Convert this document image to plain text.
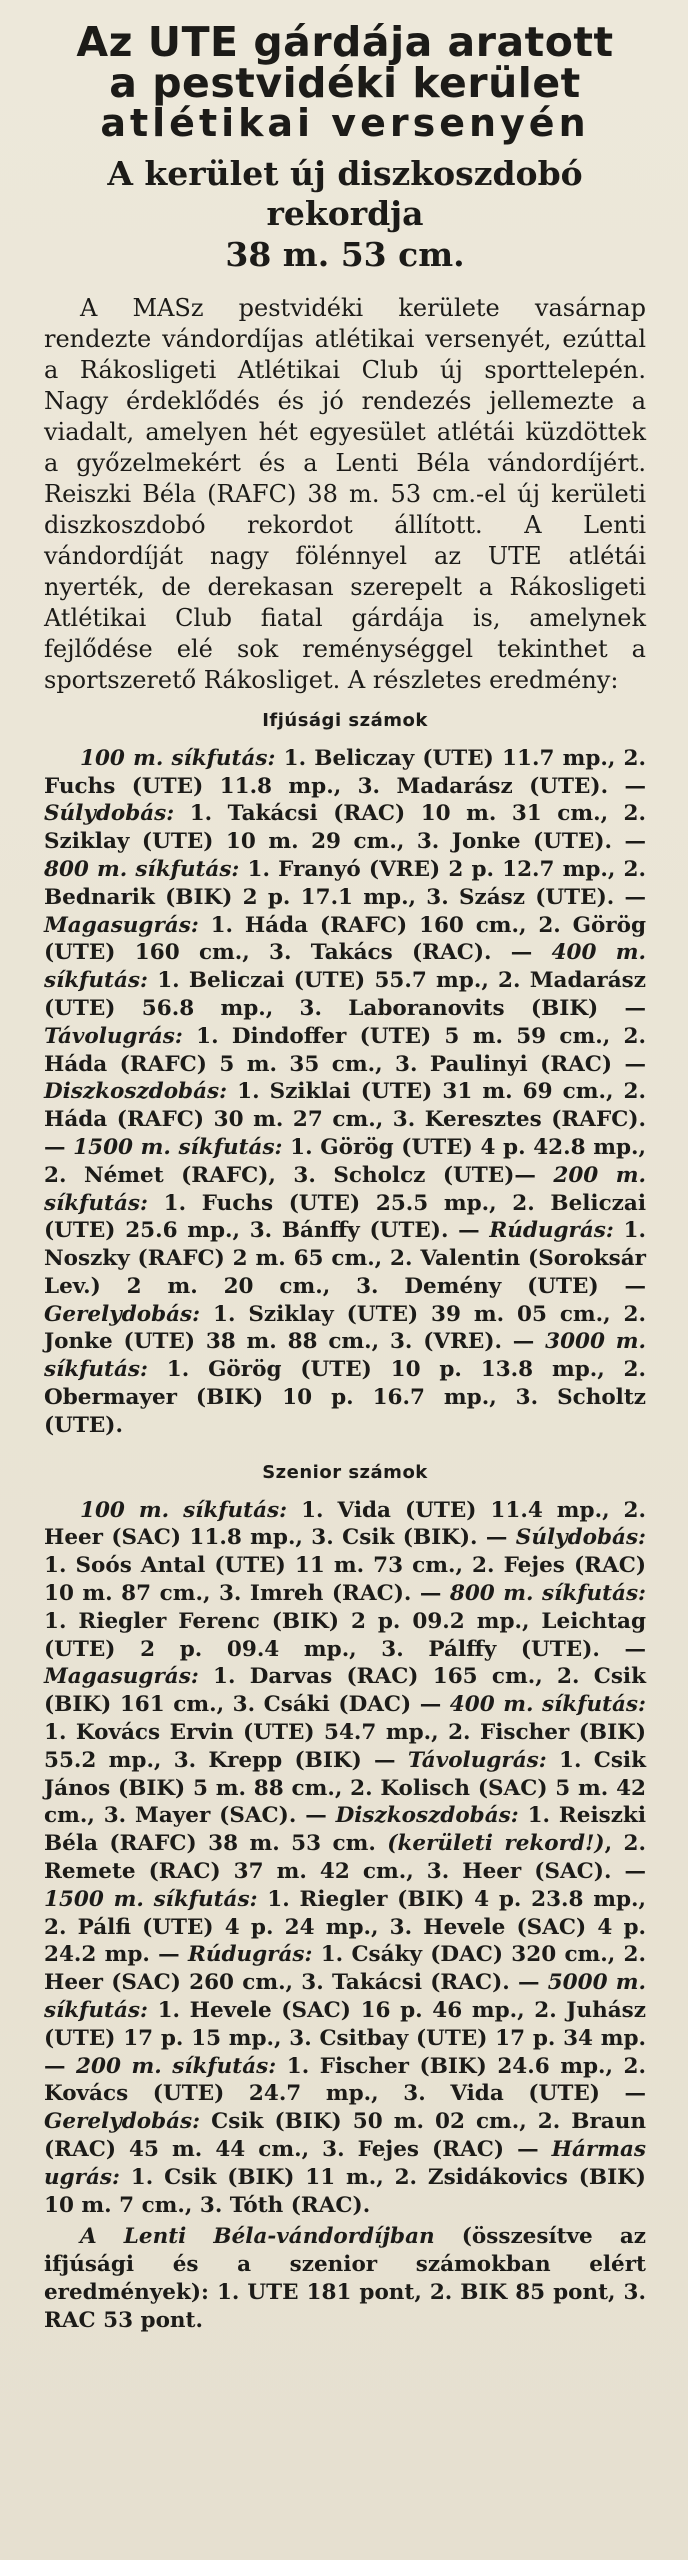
Az UTE gárdája aratott
a pestvidéki kerület
atlétikai versenyén
A kerület új diszkoszdobó rekordja
38 m. 53 cm.

A MASz pestvidéki kerülete vasárnap rendezte vándordíjas atlétikai versenyét, ezúttal a Rákosligeti Atlétikai Club új sporttelepén. Nagy érdeklődés és jó rendezés jellemezte a viadalt, amelyen hét egyesület atlétái küzdöttek a győzelmekért és a Lenti Béla vándordíjért. Reiszki Béla (RAFC) 38 m. 53 cm.-el új kerületi diszkoszdobó rekordot állított. A Lenti vándordíját nagy fölénnyel az UTE atlétái nyerték, de derekasan szerepelt a Rákosligeti Atlétikai Club fiatal gárdája is, amelynek fejlődése elé sok reménységgel tekinthet a sportszerető Rákosliget. A részletes eredmény:

Ifjúsági számok

100 m. síkfutás: 1. Beliczay (UTE) 11.7 mp., 2. Fuchs (UTE) 11.8 mp., 3. Madarász (UTE). — Súlydobás: 1. Takácsi (RAC) 10 m. 31 cm., 2. Sziklay (UTE) 10 m. 29 cm., 3. Jonke (UTE). — 800 m. síkfutás: 1. Franyó (VRE) 2 p. 12.7 mp., 2. Bednarik (BIK) 2 p. 17.1 mp., 3. Szász (UTE). — Magasugrás: 1. Háda (RAFC) 160 cm., 2. Görög (UTE) 160 cm., 3. Takács (RAC). — 400 m. síkfutás: 1. Beliczai (UTE) 55.7 mp., 2. Madarász (UTE) 56.8 mp., 3. Laboranovits (BIK) — Távolugrás: 1. Dindoffer (UTE) 5 m. 59 cm., 2. Háda (RAFC) 5 m. 35 cm., 3. Paulinyi (RAC) — Diszkoszdobás: 1. Sziklai (UTE) 31 m. 69 cm., 2. Háda (RAFC) 30 m. 27 cm., 3. Keresztes (RAFC). — 1500 m. síkfutás: 1. Görög (UTE) 4 p. 42.8 mp., 2. Német (RAFC), 3. Scholcz (UTE)— 200 m. síkfutás: 1. Fuchs (UTE) 25.5 mp., 2. Beliczai (UTE) 25.6 mp., 3. Bánffy (UTE). — Rúdugrás: 1. Noszky (RAFC) 2 m. 65 cm., 2. Valentin (Soroksár Lev.) 2 m. 20 cm., 3. Demény (UTE) — Gerelydobás: 1. Sziklay (UTE) 39 m. 05 cm., 2. Jonke (UTE) 38 m. 88 cm., 3. (VRE). — 3000 m. síkfutás: 1. Görög (UTE) 10 p. 13.8 mp., 2. Obermayer (BIK) 10 p. 16.7 mp., 3. Scholtz (UTE).

Szenior számok

100 m. síkfutás: 1. Vida (UTE) 11.4 mp., 2. Heer (SAC) 11.8 mp., 3. Csik (BIK). — Súlydobás: 1. Soós Antal (UTE) 11 m. 73 cm., 2. Fejes (RAC) 10 m. 87 cm., 3. Imreh (RAC). — 800 m. síkfutás: 1. Riegler Ferenc (BIK) 2 p. 09.2 mp., Leichtag (UTE) 2 p. 09.4 mp., 3. Pálffy (UTE). — Magasugrás: 1. Darvas (RAC) 165 cm., 2. Csik (BIK) 161 cm., 3. Csáki (DAC) — 400 m. síkfutás: 1. Kovács Ervin (UTE) 54.7 mp., 2. Fischer (BIK) 55.2 mp., 3. Krepp (BIK) — Távolugrás: 1. Csik János (BIK) 5 m. 88 cm., 2. Kolisch (SAC) 5 m. 42 cm., 3. Mayer (SAC). — Diszkoszdobás: 1. Reiszki Béla (RAFC) 38 m. 53 cm. (kerületi rekord!), 2. Remete (RAC) 37 m. 42 cm., 3. Heer (SAC). — 1500 m. síkfutás: 1. Riegler (BIK) 4 p. 23.8 mp., 2. Pálfi (UTE) 4 p. 24 mp., 3. Hevele (SAC) 4 p. 24.2 mp. — Rúdugrás: 1. Csáky (DAC) 320 cm., 2. Heer (SAC) 260 cm., 3. Takácsi (RAC). — 5000 m. síkfutás: 1. Hevele (SAC) 16 p. 46 mp., 2. Juhász (UTE) 17 p. 15 mp., 3. Csitbay (UTE) 17 p. 34 mp. — 200 m. síkfutás: 1. Fischer (BIK) 24.6 mp., 2. Kovács (UTE) 24.7 mp., 3. Vida (UTE) — Gerelydobás: Csik (BIK) 50 m. 02 cm., 2. Braun (RAC) 45 m. 44 cm., 3. Fejes (RAC) — Hármas ugrás: 1. Csik (BIK) 11 m., 2. Zsidákovics (BIK) 10 m. 7 cm., 3. Tóth (RAC).

A Lenti Béla-vándordíjban (összesítve az ifjúsági és a szenior számokban elért eredmények): 1. UTE 181 pont, 2. BIK 85 pont, 3. RAC 53 pont.
